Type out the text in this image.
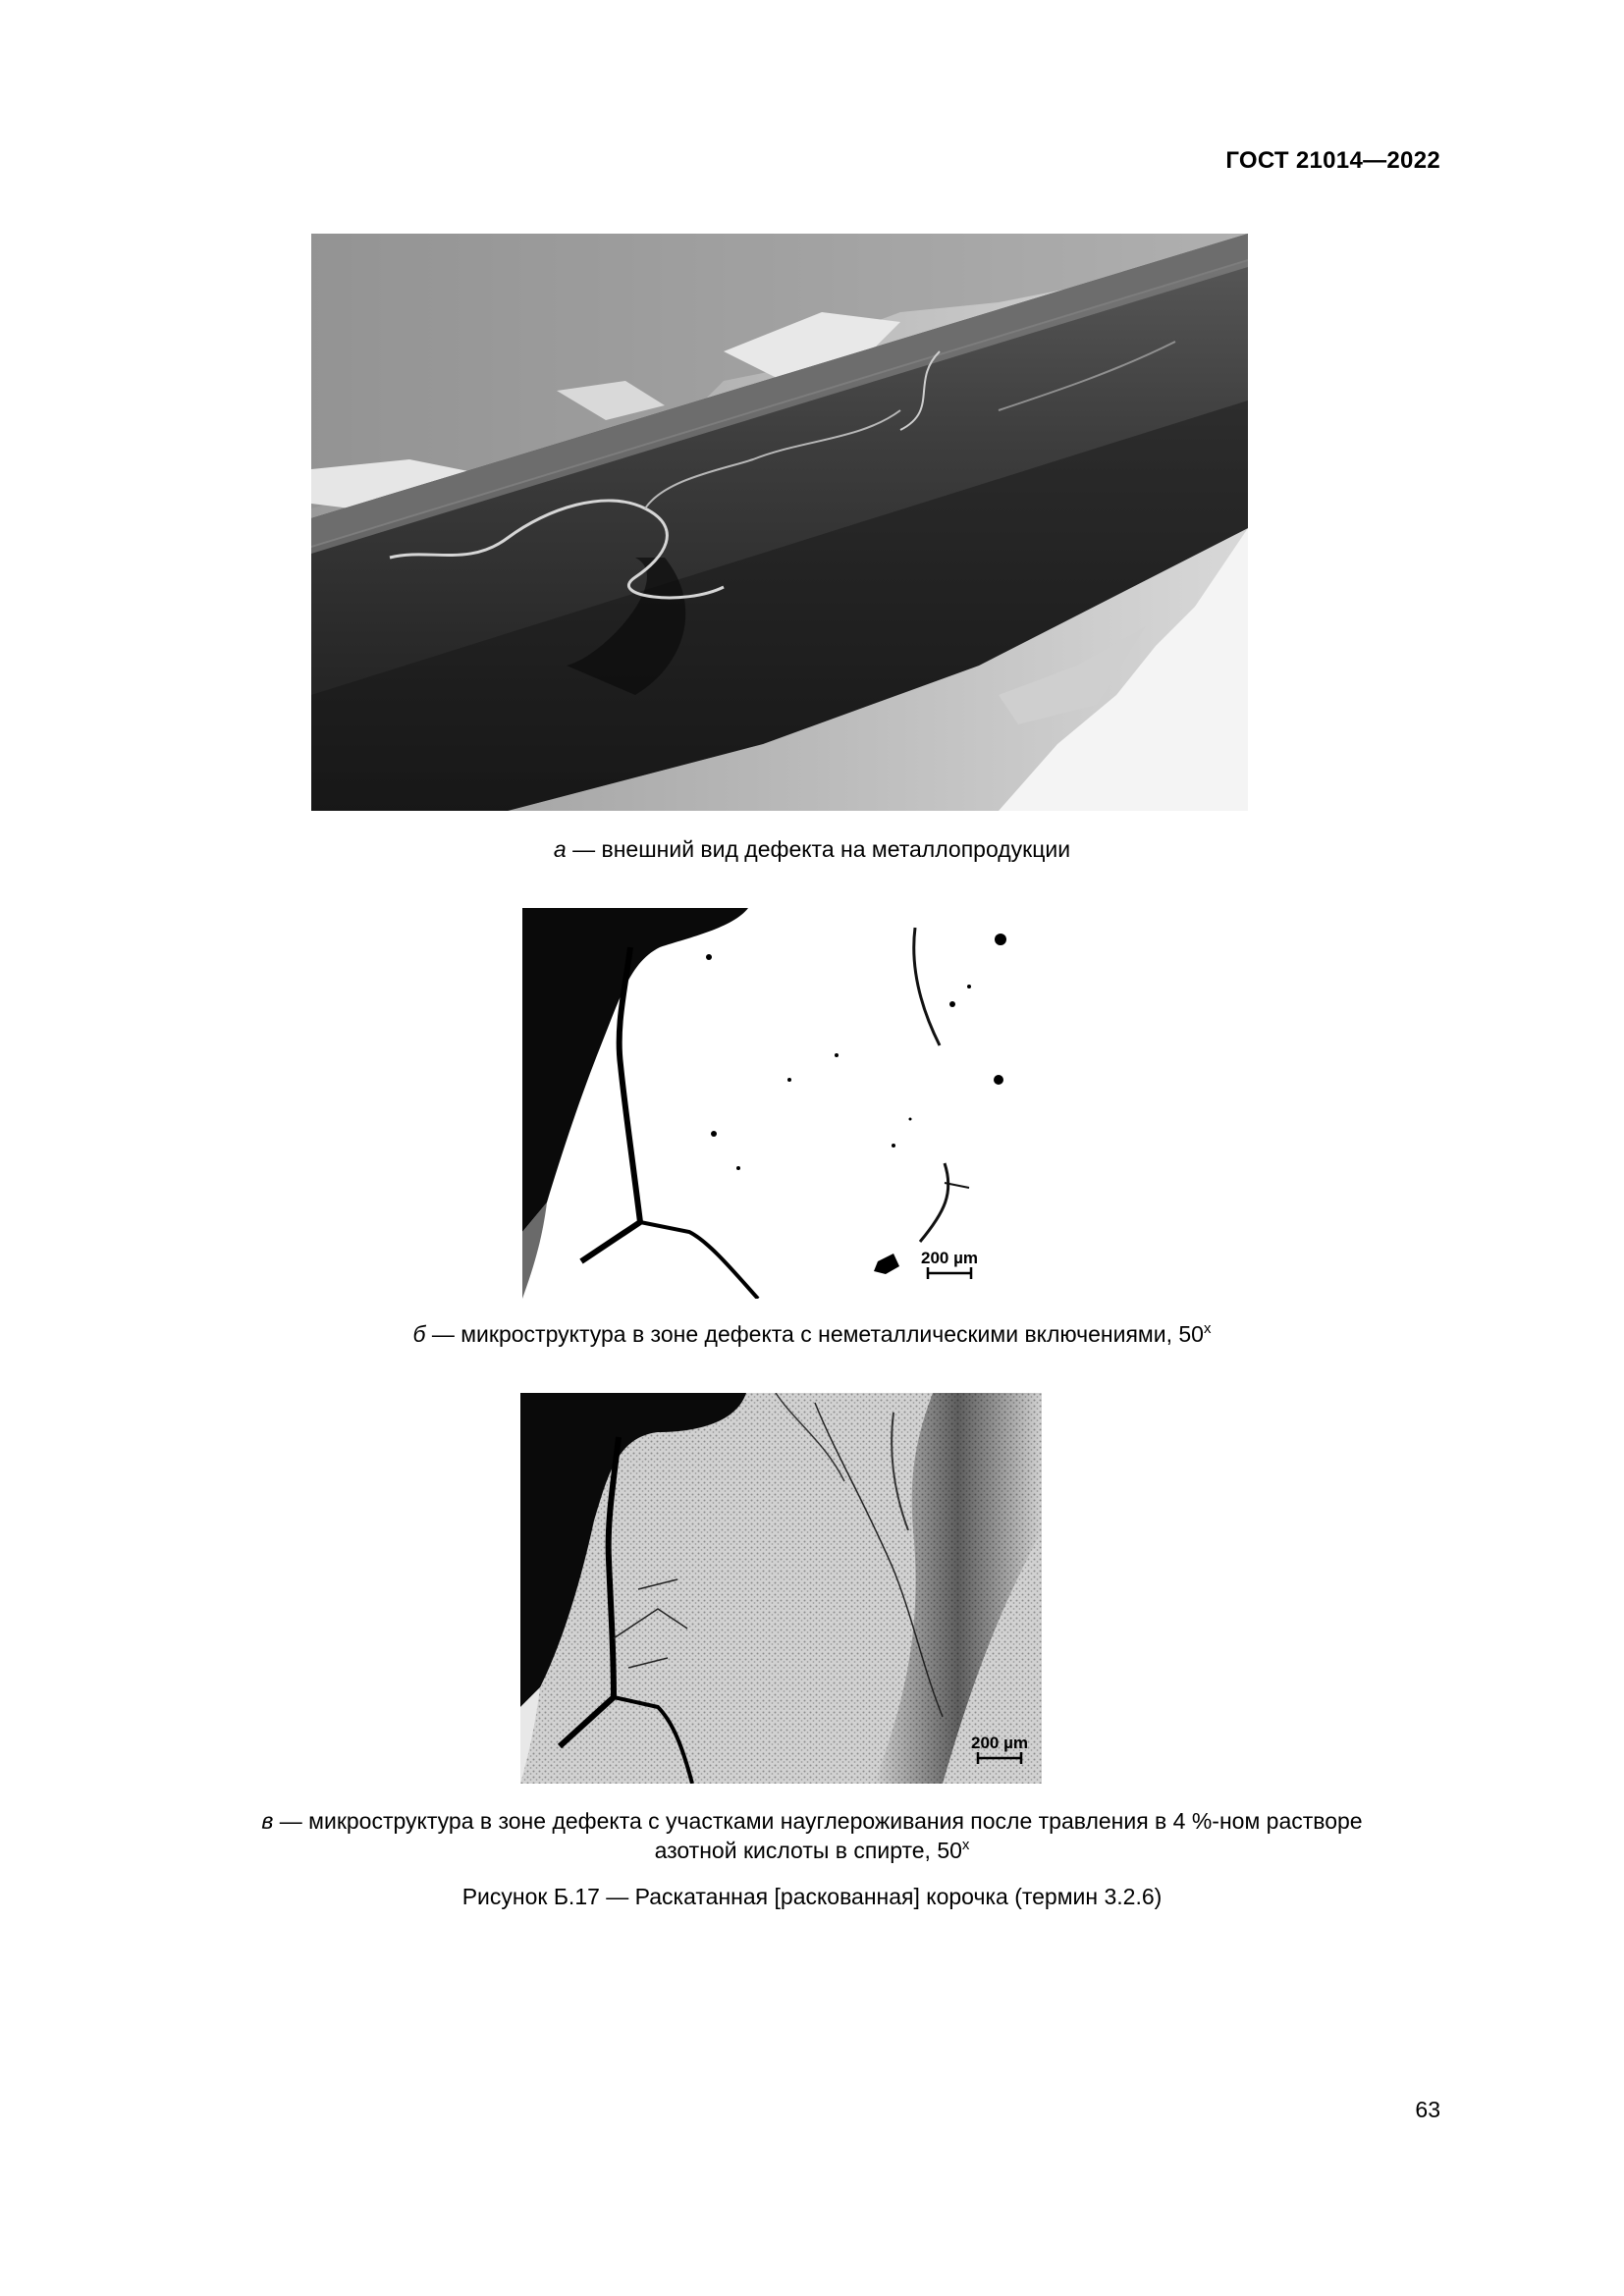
ГОСТ 21014—2022
а — внешний вид дефекта на металлопродукции
200 µm
б — микроструктура в зоне дефекта с неметаллическими включениями, $50^х$
200 µm
в — микроструктура в зоне дефекта с участками науглероживания после травления в 4 %-ном растворе
азотной кислоты в спирте, $50^х$
Рисунок Б.17 — Раскатанная [раскованная] корочка (термин 3.2.6)
63
